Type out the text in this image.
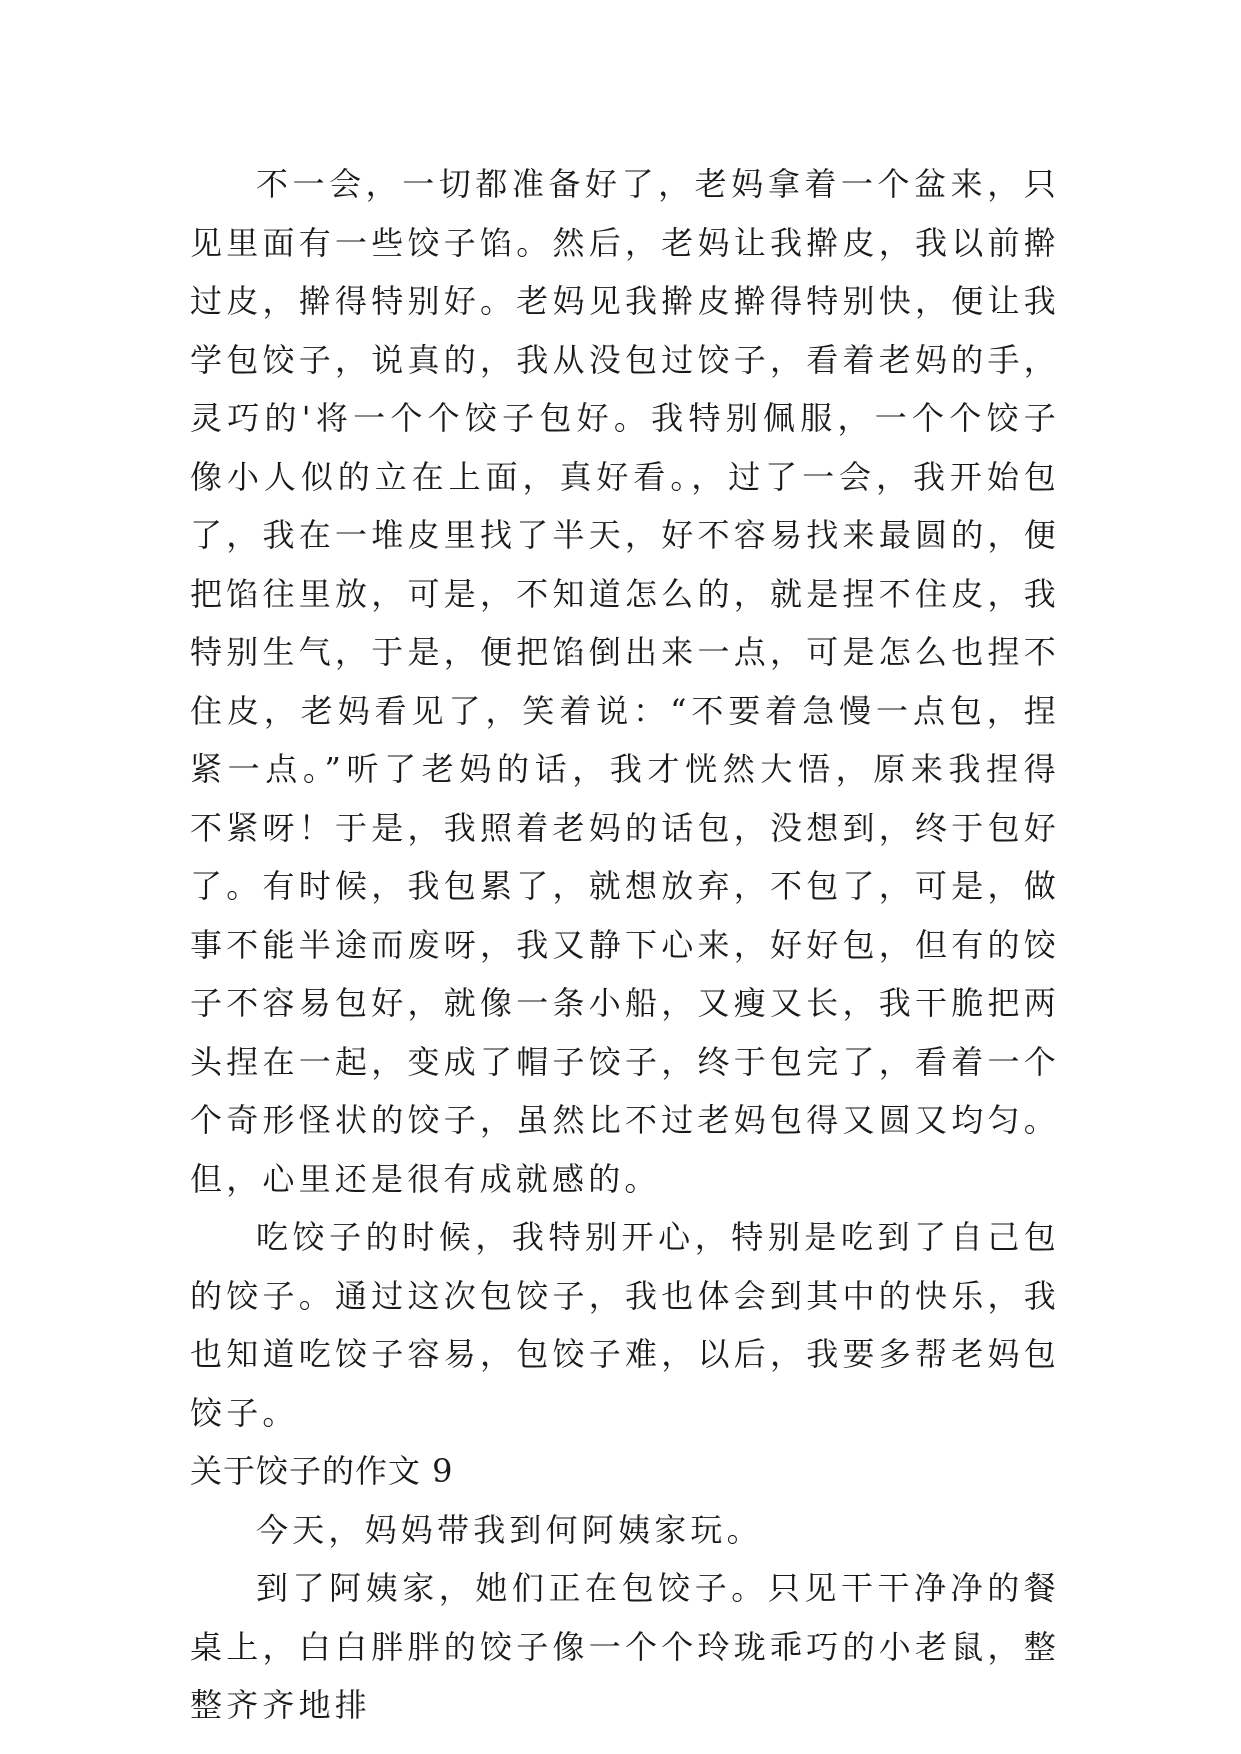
不一会，一切都准备好了，老妈拿着一个盆来，只见里面有一些饺子馅。然后，老妈让我擀皮，我以前擀过皮，擀得特别好。老妈见我擀皮擀得特别快，便让我学包饺子，说真的，我从没包过饺子，看着老妈的手，灵巧的'将一个个饺子包好。我特别佩服，一个个饺子像小人似的立在上面，真好看。，过了一会，我开始包了，我在一堆皮里找了半天，好不容易找来最圆的，便把馅往里放，可是，不知道怎么的，就是捏不住皮，我特别生气，于是，便把馅倒出来一点，可是怎么也捏不住皮，老妈看见了，笑着说：“不要着急慢一点包，捏紧一点。”听了老妈的话，我才恍然大悟，原来我捏得不紧呀！于是，我照着老妈的话包，没想到，终于包好了。有时候，我包累了，就想放弃，不包了，可是，做事不能半途而废呀，我又静下心来，好好包，但有的饺子不容易包好，就像一条小船，又瘦又长，我干脆把两头捏在一起，变成了帽子饺子，终于包完了，看着一个个奇形怪状的饺子，虽然比不过老妈包得又圆又均匀。但，心里还是很有成就感的。

吃饺子的时候，我特别开心，特别是吃到了自己包的饺子。通过这次包饺子，我也体会到其中的快乐，我也知道吃饺子容易，包饺子难，以后，我要多帮老妈包饺子。

关于饺子的作文 9

今天，妈妈带我到何阿姨家玩。

到了阿姨家，她们正在包饺子。只见干干净净的餐桌上，白白胖胖的饺子像一个个玲珑乖巧的小老鼠，整整齐齐地排
